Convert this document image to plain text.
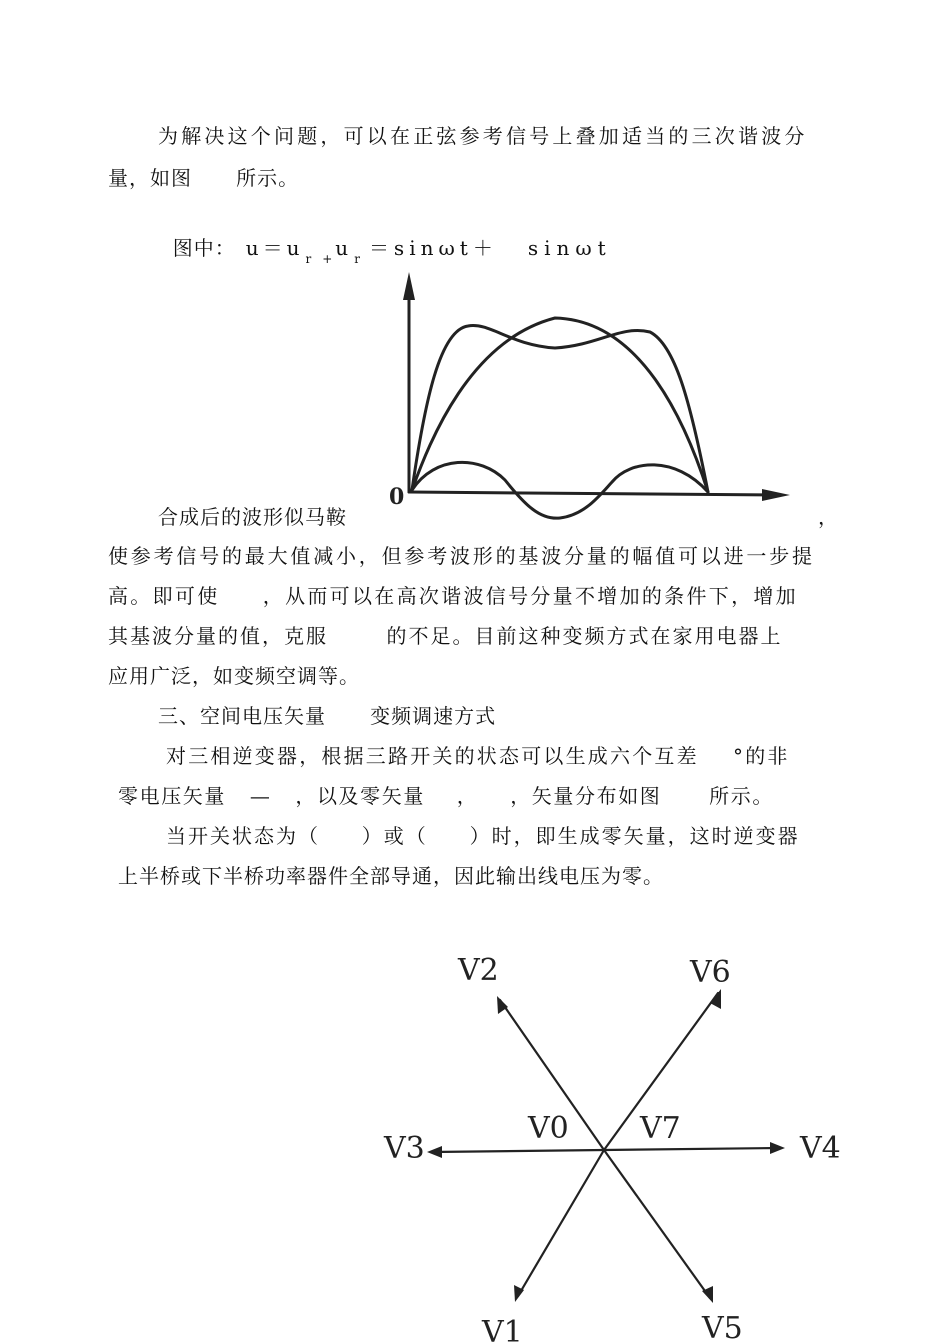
为解决这个问题，可以在正弦参考信号上叠加适当的三次谐波分
量，如图      所示。

图中： u＝u $_r$ $_+$ u $_r$ ＝sinωt＋ sinωt

0
合成后的波形似马鞍	，
使参考信号的最大值减小，但参考波形的基波分量的幅值可以进一步提
高。即可使     ，从而可以在高次谐波信号分量不增加的条件下，增加
其基波分量的值，克服       的不足。目前这种变频方式在家用电器上
应用广泛，如变频空调等。
三、空间电压矢量      变频调速方式
对三相逆变器，根据三路开关的状态可以生成六个互差    °的非
零电压矢量   —   ，以及零矢量    ，    ，矢量分布如图      所示。
当开关状态为（     ）或（     ）时，即生成零矢量，这时逆变器
上半桥或下半桥功率器件全部导通，因此输出线电压为零。
V2	V6
V0 V7
V3	V4
V1	V5
